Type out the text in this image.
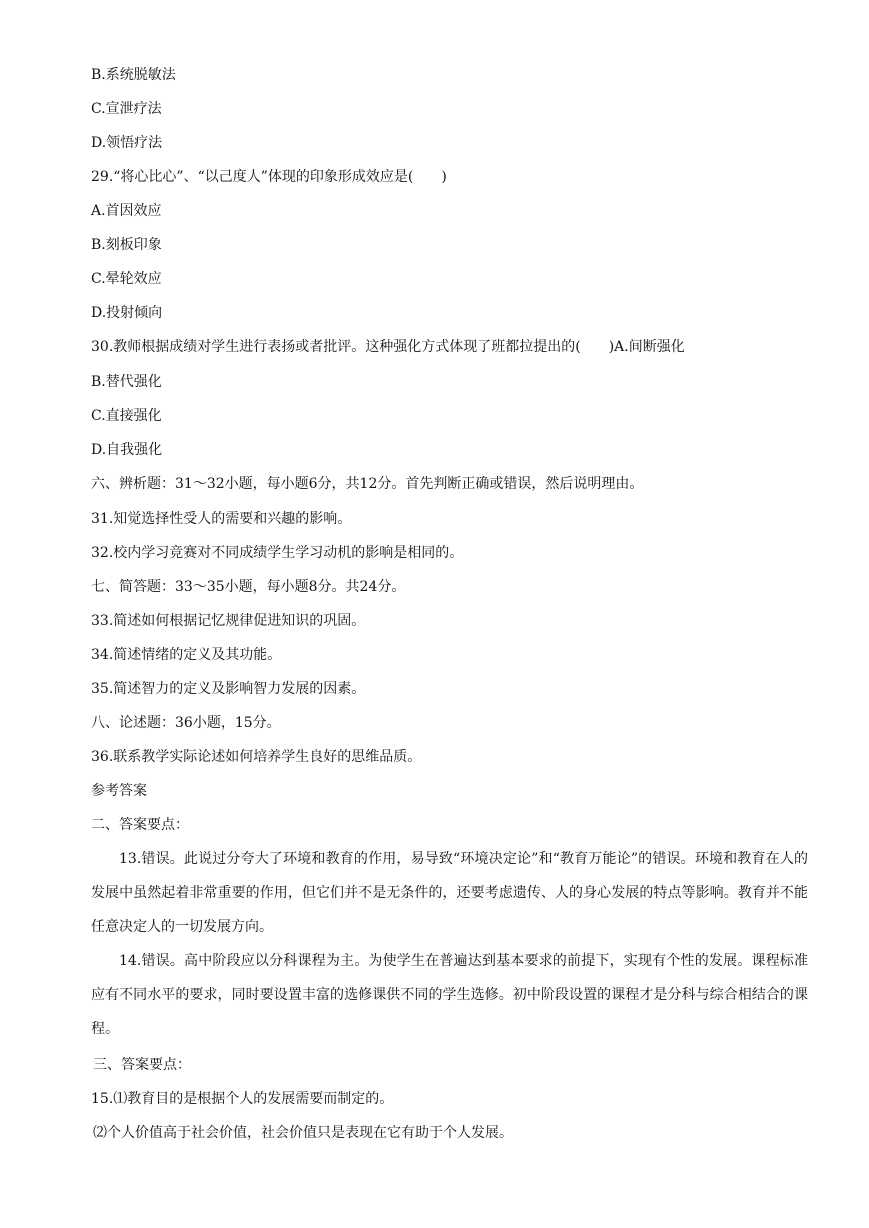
B.系统脱敏法
C.宣泄疗法
D.领悟疗法
29.“将心比心”、“以己度人”体现的印象形成效应是(　　)
A.首因效应
B.刻板印象
C.晕轮效应
D.投射倾向
30.教师根据成绩对学生进行表扬或者批评。这种强化方式体现了班都拉提出的(　　)A.间断强化
B.替代强化
C.直接强化
D.自我强化
六、辨析题：31～32小题，每小题6分，共12分。首先判断正确或错误，然后说明理由。
31.知觉选择性受人的需要和兴趣的影响。
32.校内学习竞赛对不同成绩学生学习动机的影响是相同的。
七、简答题：33～35小题，每小题8分。共24分。
33.简述如何根据记忆规律促进知识的巩固。
34.简述情绪的定义及其功能。
35.简述智力的定义及影响智力发展的因素。
八、论述题：36小题，15分。
36.联系教学实际论述如何培养学生良好的思维品质。
参考答案
二、答案要点：
13.错误。此说过分夸大了环境和教育的作用，易导致“环境决定论”和“教育万能论”的错误。环境和教育在人的发展中虽然起着非常重要的作用，但它们并不是无条件的，还要考虑遗传、人的身心发展的特点等影响。教育并不能任意决定人的一切发展方向。
14.错误。高中阶段应以分科课程为主。为使学生在普遍达到基本要求的前提下，实现有个性的发展。课程标准应有不同水平的要求，同时要设置丰富的选修课供不同的学生选修。初中阶段设置的课程才是分科与综合相结合的课程。
三、答案要点：
15.⑴教育目的是根据个人的发展需要而制定的。
⑵个人价值高于社会价值，社会价值只是表现在它有助于个人发展。
